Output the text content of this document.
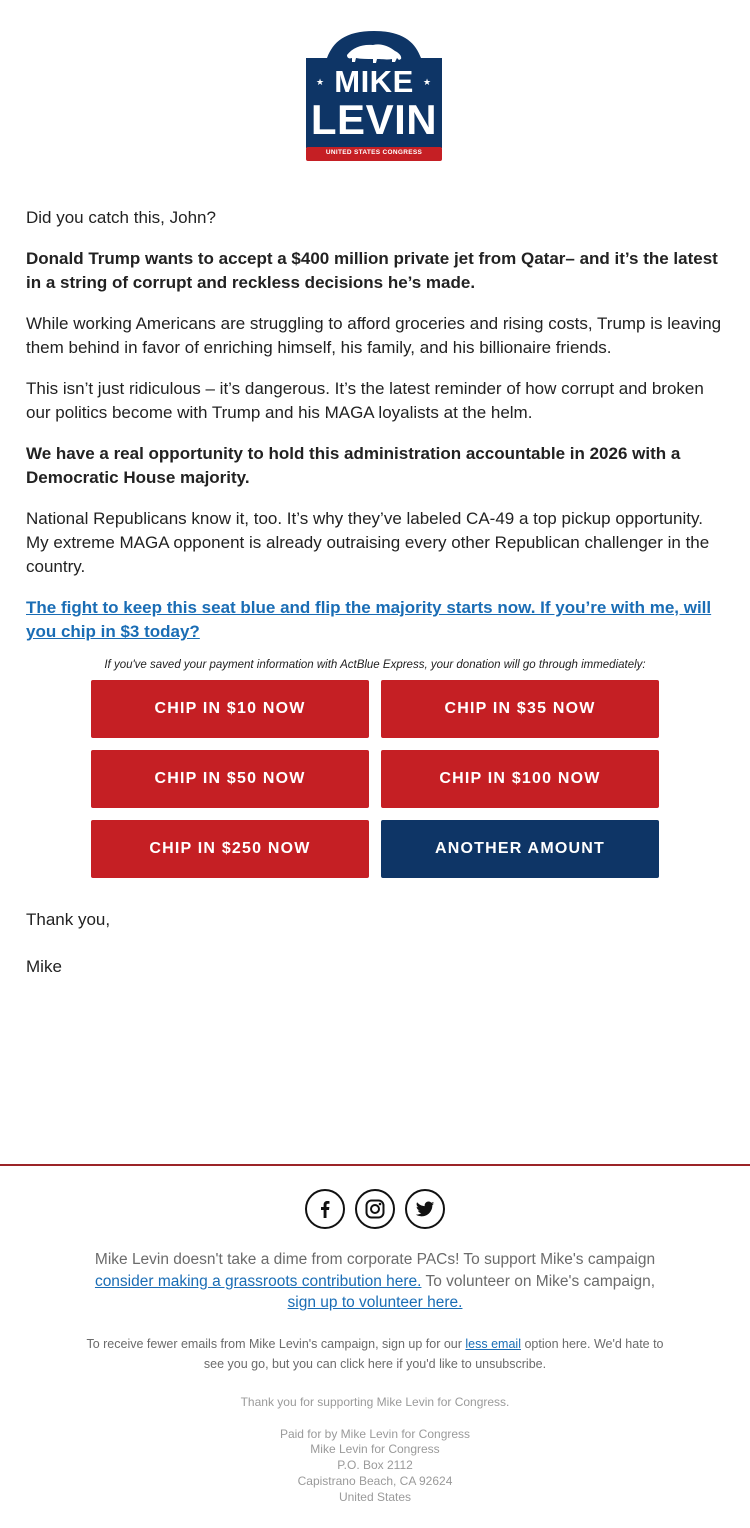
★	★
MIKE
LEVIN
UNITED STATES CONGRESS

Did you catch this, John?

Donald Trump wants to accept a $400 million private jet from Qatar– and it’s the latest in a string of corrupt and reckless decisions he’s made.

While working Americans are struggling to afford groceries and rising costs, Trump is leaving them behind in favor of enriching himself, his family, and his billionaire friends.

This isn’t just ridiculous – it’s dangerous. It’s the latest reminder of how corrupt and broken our politics become with Trump and his MAGA loyalists at the helm.

We have a real opportunity to hold this administration accountable in 2026 with a Democratic House majority.

National Republicans know it, too. It’s why they’ve labeled CA-49 a top pickup opportunity. My extreme MAGA opponent is already outraising every other Republican challenger in the country.

The fight to keep this seat blue and flip the majority starts now. If you’re with me, will you chip in $3 today?

If you've saved your payment information with ActBlue Express, your donation will go through immediately:
CHIP IN $10 NOW	CHIP IN $35 NOW
CHIP IN $50 NOW	CHIP IN $100 NOW
CHIP IN $250 NOW	ANOTHER AMOUNT

Thank you,

Mike

Mike Levin doesn't take a dime from corporate PACs! To support Mike's campaign consider making a grassroots contribution here. To volunteer on Mike's campaign, sign up to volunteer here.
To receive fewer emails from Mike Levin's campaign, sign up for our less email option here. We'd hate to see you go, but you can click here if you'd like to unsubscribe.
Thank you for supporting Mike Levin for Congress.
Paid for by Mike Levin for Congress
Mike Levin for Congress
P.O. Box 2112
Capistrano Beach, CA 92624
United States
